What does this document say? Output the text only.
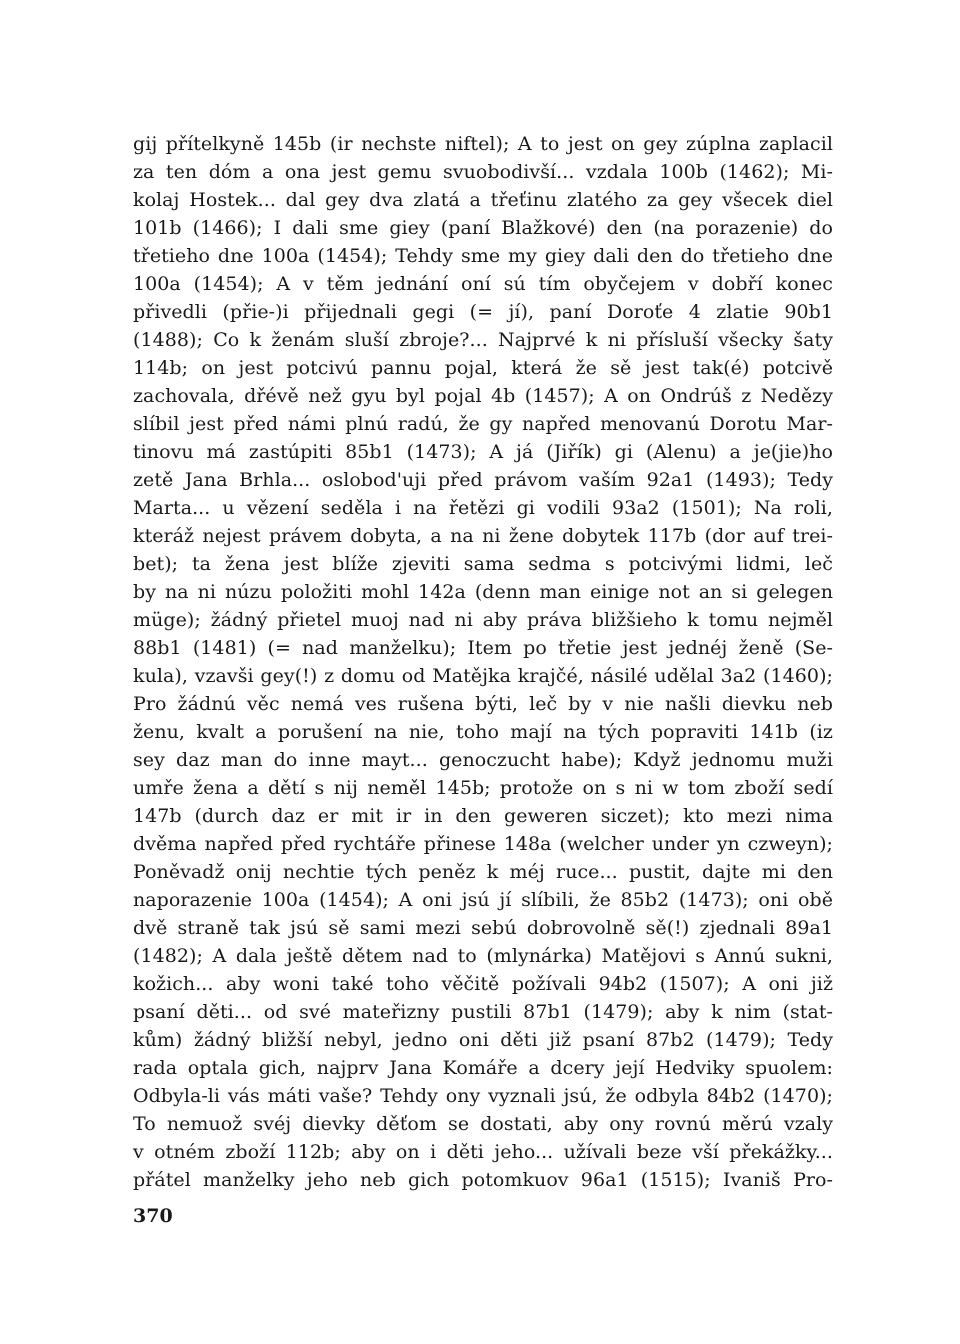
gij přítelkyně 145b (ir nechste niftel); A to jest on gey zúplna zaplacil
za ten dóm a ona jest gemu svuobodivší... vzdala 100b (1462); Mi-
kolaj Hostek... dal gey dva zlatá a třeťinu zlatého za gey všecek diel
101b (1466); I dali sme giey (paní Blažkové) den (na porazenie) do
třetieho dne 100a (1454); Tehdy sme my giey dali den do třetieho dne
100a (1454); A v těm jednání oní sú tím obyčejem v dobří konec
přivedli (přie-)i přijednali gegi (= jí), paní Doroťe 4 zlatie 90b1
(1488); Co k ženám sluší zbroje?... Najprvé k ni přísluší všecky šaty
114b; on jest potcivú pannu pojal, která že sě jest tak(é) potcivě
zachovala, dřévě než gyu byl pojal 4b (1457); A on Ondrúš z Nedězy
slíbil jest před námi plnú radú, že gy napřed menovanú Dorotu Mar-
tinovu má zastúpiti 85b1 (1473); A já (Jiřík) gi (Alenu) a je(jie)ho
zetě Jana Brhla... oslobod'uji před právom vaším 92a1 (1493); Tedy
Marta... u vězení seděla i na řetězi gi vodili 93a2 (1501); Na roli,
kteráž nejest právem dobyta, a na ni žene dobytek 117b (dor auf trei-
bet); ta žena jest blíže zjeviti sama sedma s potcivými lidmi, leč
by na ni núzu položiti mohl 142a (denn man einige not an si gelegen
müge); žádný přietel muoj nad ni aby práva bližšieho k tomu nejměl
88b1 (1481) (= nad manželku); Item po třetie jest jednéj ženě (Se-
kula), vzavši gey(!) z domu od Matějka krajčé, násilé udělal 3a2 (1460);
Pro žádnú věc nemá ves rušena býti, leč by v nie našli dievku neb
ženu, kvalt a porušení na nie, toho mají na tých popraviti 141b (iz
sey daz man do inne mayt... genoczucht habe); Když jednomu muži
umře žena a dětí s nij neměl 145b; protože on s ni w tom zboží sedí
147b (durch daz er mit ir in den geweren siczet); kto mezi nima
dvěma napřed před rychtáře přinese 148a (welcher under yn czweyn);
Poněvadž onij nechtie tých peněz k méj ruce... pustit, dajte mi den
naporazenie 100a (1454); A oni jsú jí slíbili, že 85b2 (1473); oni obě
dvě straně tak jsú sě sami mezi sebú dobrovolně sě(!) zjednali 89a1
(1482); A dala ještě dětem nad to (mlynárka) Matějovi s Annú sukni,
kožich... aby woni také toho věčitě požívali 94b2 (1507); A oni již
psaní děti... od své mateřizny pustili 87b1 (1479); aby k nim (stat-
kům) žádný bližší nebyl, jedno oni děti již psaní 87b2 (1479); Tedy
rada optala gich, najprv Jana Komáře a dcery její Hedviky spuolem:
Odbyla-li vás máti vaše? Tehdy ony vyznali jsú, že odbyla 84b2 (1470);
To nemuož svéj dievky děťom se dostati, aby ony rovnú měrú vzaly
v otném zboží 112b; aby on i děti jeho... užívali beze vší překážky...
přátel manželky jeho neb gich potomkuov 96a1 (1515); Ivaniš Pro-
370
